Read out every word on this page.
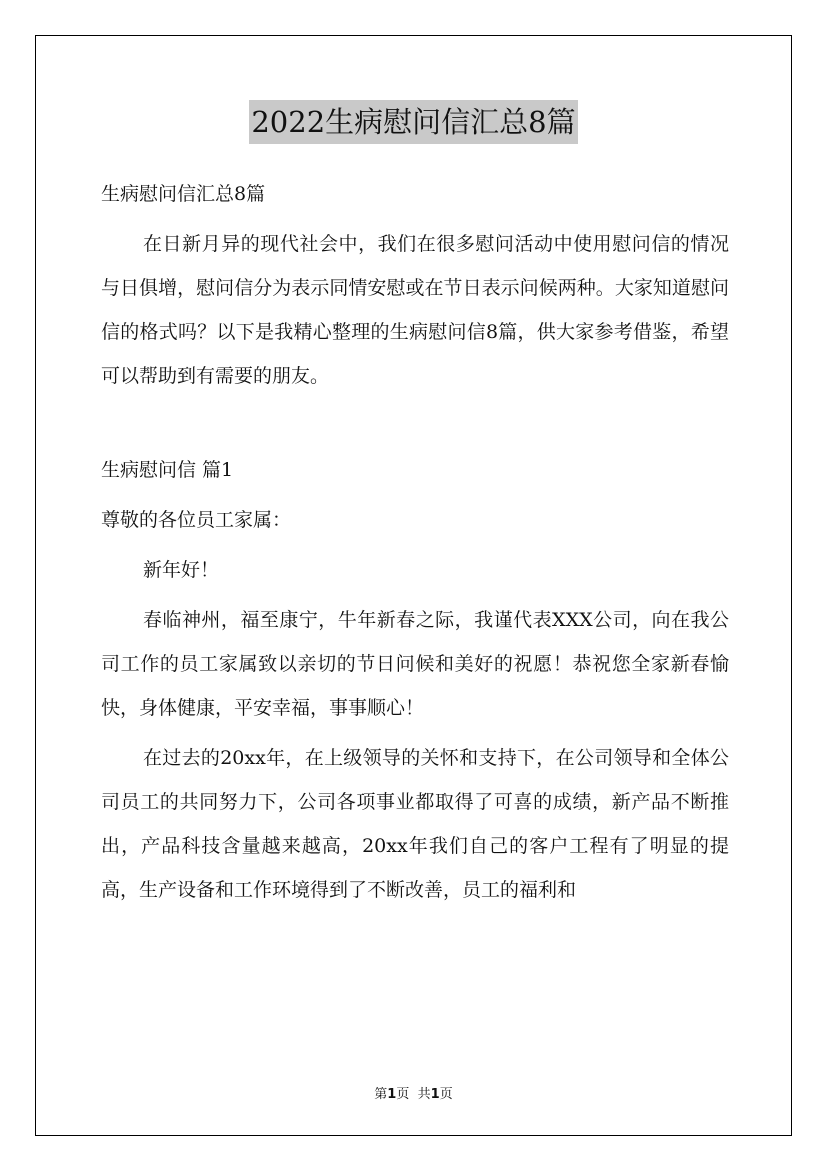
2022生病慰问信汇总8篇

生病慰问信汇总8篇

在日新月异的现代社会中，我们在很多慰问活动中使用慰问信的情况与日俱增，慰问信分为表示同情安慰或在节日表示问候两种。大家知道慰问信的格式吗？以下是我精心整理的生病慰问信8篇，供大家参考借鉴，希望可以帮助到有需要的朋友。

生病慰问信 篇1

尊敬的各位员工家属：

新年好！

春临神州，福至康宁，牛年新春之际，我谨代表XXX公司，向在我公司工作的员工家属致以亲切的节日问候和美好的祝愿！恭祝您全家新春愉快，身体健康，平安幸福，事事顺心！

在过去的20xx年，在上级领导的关怀和支持下，在公司领导和全体公司员工的共同努力下，公司各项事业都取得了可喜的成绩，新产品不断推出，产品科技含量越来越高，20xx年我们自己的客户工程有了明显的提高，生产设备和工作环境得到了不断改善，员工的福利和

第1页 共1页
